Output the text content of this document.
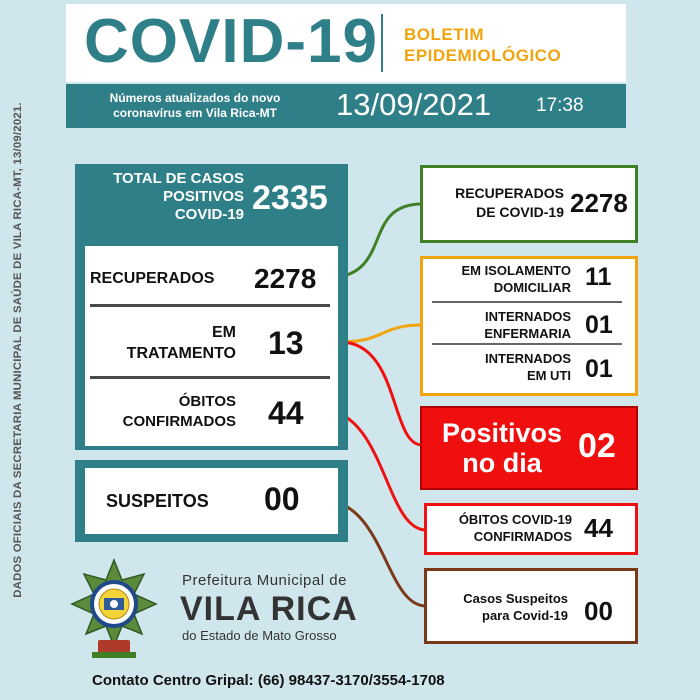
DADOS OFICIAIS DA SECRETARIA MUNICIPAL DE SAÚDE DE VILA RICA-MT, 13/09/2021.
COVID-19 BOLETIM
EPIDEMIOLÓGICO
Números atualizados do novo
coronavírus em Vila Rica-MT	13/09/2021 17:38
TOTAL DE CASOS
POSITIVOS
COVID-19 2335
RECUPERADOS 2278
EM
TRATAMENTO 13
ÓBITOS
CONFIRMADOS 44
SUSPEITOS 00
RECUPERADOS
DE COVID-19 2278
EM ISOLAMENTO
DOMICILIAR 11
INTERNADOS
ENFERMARIA 01
INTERNADOS
EM UTI 01
Positivos
no dia	02
ÓBITOS COVID-19
CONFIRMADOS 44
Casos Suspeitos
para Covid-19 00
Prefeitura Municipal de
VILA RICA
do Estado de Mato Grosso
Contato Centro Gripal: (66) 98437-3170/3554-1708
